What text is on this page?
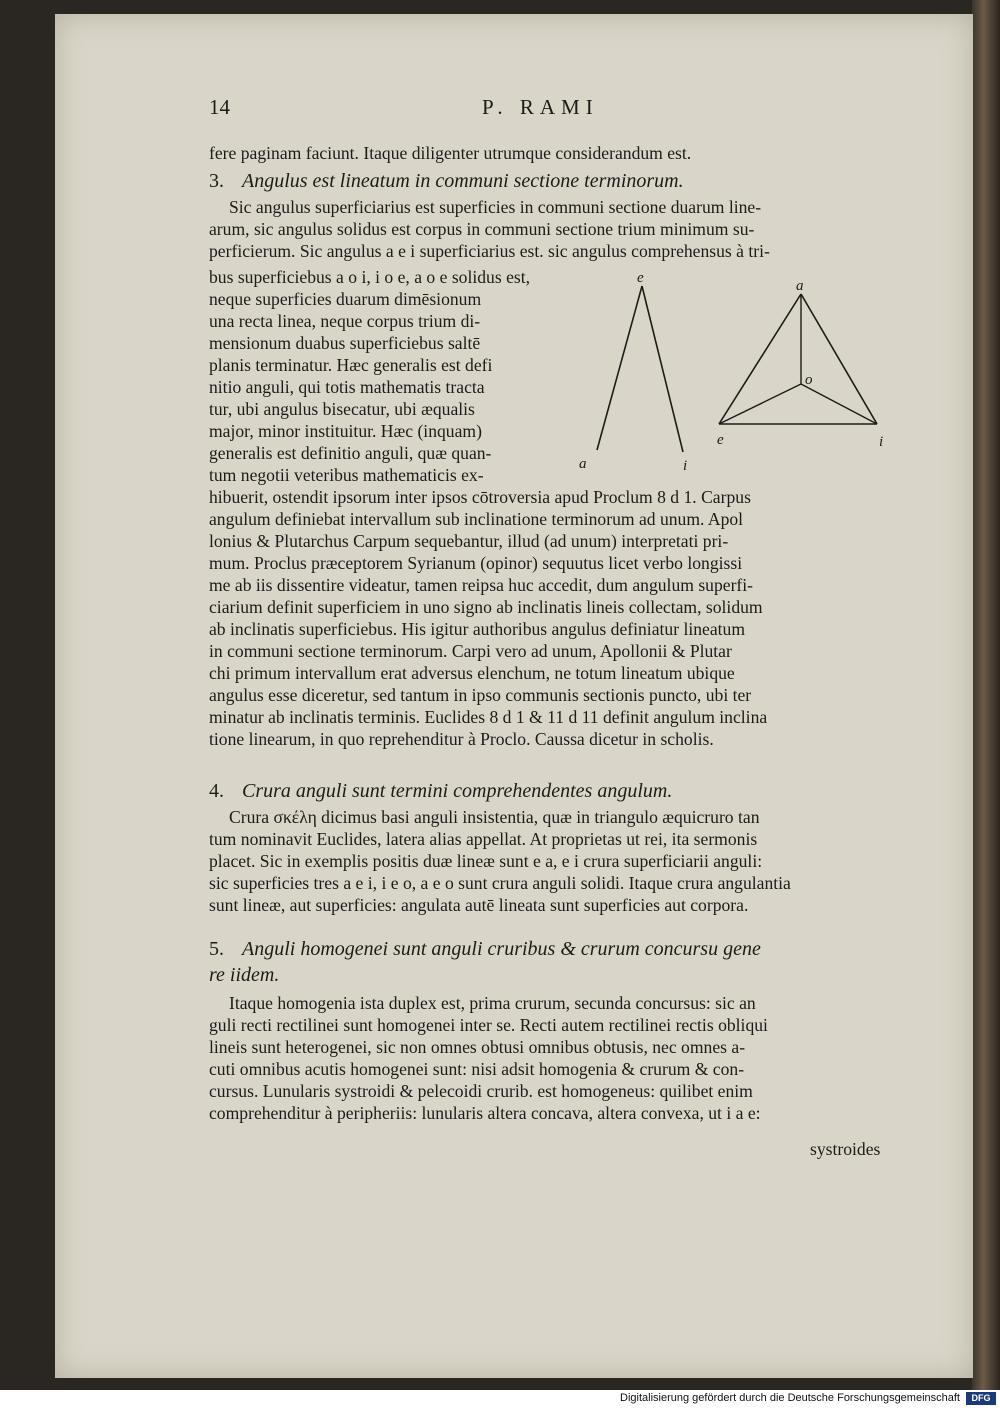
14	P. RAMI
fere paginam faciunt. Itaque diligenter utrumque considerandum est.
3. Angulus est lineatum in communi sectione terminorum.
Sic angulus superficiarius est superficies in communi sectione duarum line-
arum, sic angulus solidus est corpus in communi sectione trium minimum su-
perficierum. Sic angulus a e i superficiarius est. sic angulus comprehensus à tri-
bus superficiebus a o i, i o e, a o e solidus est,
neque superficies duarum dimēsionum
una recta linea, neque corpus trium di-
mensionum duabus superficiebus saltē
planis terminatur. Hæc generalis est defi
nitio anguli, qui totis mathematis tracta
tur, ubi angulus bisecatur, ubi æqualis
major, minor instituitur. Hæc (inquam)
generalis est definitio anguli, quæ quan-
tum negotii veteribus mathematicis ex-
e
a	i
a
o
e	i
hibuerit, ostendit ipsorum inter ipsos cōtroversia apud Proclum 8 d 1. Carpus
angulum definiebat intervallum sub inclinatione terminorum ad unum. Apol
lonius & Plutarchus Carpum sequebantur, illud (ad unum) interpretati pri-
mum. Proclus præceptorem Syrianum (opinor) sequutus licet verbo longissi
me ab iis dissentire videatur, tamen reipsa huc accedit, dum angulum superfi-
ciarium definit superficiem in uno signo ab inclinatis lineis collectam, solidum
ab inclinatis superficiebus. His igitur authoribus angulus definiatur lineatum
in communi sectione terminorum. Carpi vero ad unum, Apollonii & Plutar
chi primum intervallum erat adversus elenchum, ne totum lineatum ubique
angulus esse diceretur, sed tantum in ipso communis sectionis puncto, ubi ter
minatur ab inclinatis terminis. Euclides 8 d 1 & 11 d 11 definit angulum inclina
tione linearum, in quo reprehenditur à Proclo. Caussa dicetur in scholis.
4. Crura anguli sunt termini comprehendentes angulum.
Crura σκέλη dicimus basi anguli insistentia, quæ in triangulo æquicruro tan
tum nominavit Euclides, latera alias appellat. At proprietas ut rei, ita sermonis
placet. Sic in exemplis positis duæ lineæ sunt e a, e i crura superficiarii anguli:
sic superficies tres a e i, i e o, a e o sunt crura anguli solidi. Itaque crura angulantia
sunt lineæ, aut superficies: angulata autē lineata sunt superficies aut corpora.
5. Anguli homogenei sunt anguli cruribus & crurum concursu gene
re iidem.
Itaque homogenia ista duplex est, prima crurum, secunda concursus: sic an
guli recti rectilinei sunt homogenei inter se. Recti autem rectilinei rectis obliqui
lineis sunt heterogenei, sic non omnes obtusi omnibus obtusis, nec omnes a-
cuti omnibus acutis homogenei sunt: nisi adsit homogenia & crurum & con-
cursus. Lunularis systroidi & pelecoidi crurib. est homogeneus: quilibet enim
comprehenditur à peripheriis: lunularis altera concava, altera convexa, ut i a e:
systroides
Digitalisierung gefördert durch die Deutsche Forschungsgemeinschaft	DFG
